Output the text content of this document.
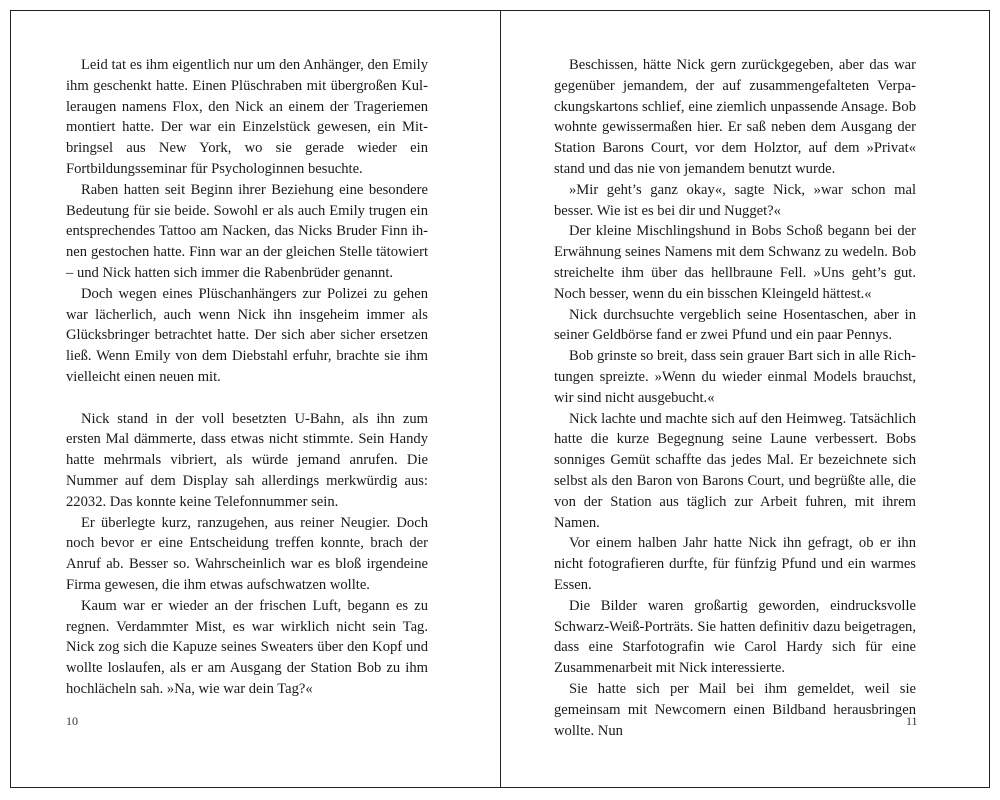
Leid tat es ihm eigentlich nur um den Anhänger, den Emily ihm geschenkt hatte. Einen Plüschraben mit übergroßen Kulleraugen namens Flox, den Nick an einem der Trageriemen montiert hatte. Der war ein Einzelstück gewesen, ein Mitbringsel aus New York, wo sie gerade wieder ein Fortbildungsseminar für Psychologinnen besuchte.

Raben hatten seit Beginn ihrer Beziehung eine besondere Bedeutung für sie beide. Sowohl er als auch Emily trugen ein entsprechendes Tattoo am Nacken, das Nicks Bruder Finn ihnen gestochen hatte. Finn war an der gleichen Stelle tätowiert – und Nick hatten sich immer die Rabenbrüder genannt.

Doch wegen eines Plüschanhängers zur Polizei zu gehen war lächerlich, auch wenn Nick ihn insgeheim immer als Glücksbringer betrachtet hatte. Der sich aber sicher ersetzen ließ. Wenn Emily von dem Diebstahl erfuhr, brachte sie ihm vielleicht einen neuen mit.

Nick stand in der voll besetzten U-Bahn, als ihn zum ersten Mal dämmerte, dass etwas nicht stimmte. Sein Handy hatte mehrmals vibriert, als würde jemand anrufen. Die Nummer auf dem Display sah allerdings merkwürdig aus: 22032. Das konnte keine Telefonnummer sein.

Er überlegte kurz, ranzugehen, aus reiner Neugier. Doch noch bevor er eine Entscheidung treffen konnte, brach der Anruf ab. Besser so. Wahrscheinlich war es bloß irgendeine Firma gewesen, die ihm etwas aufschwatzen wollte.

Kaum war er wieder an der frischen Luft, begann es zu regnen. Verdammter Mist, es war wirklich nicht sein Tag. Nick zog sich die Kapuze seines Sweaters über den Kopf und wollte loslaufen, als er am Ausgang der Station Bob zu ihm hochlächeln sah. »Na, wie war dein Tag?«

Beschissen, hätte Nick gern zurückgegeben, aber das war gegenüber jemandem, der auf zusammengefalteten Verpackungskartons schlief, eine ziemlich unpassende Ansage. Bob wohnte gewissermaßen hier. Er saß neben dem Ausgang der Station Barons Court, vor dem Holztor, auf dem »Privat« stand und das nie von jemandem benutzt wurde.

»Mir geht’s ganz okay«, sagte Nick, »war schon mal besser. Wie ist es bei dir und Nugget?«

Der kleine Mischlingshund in Bobs Schoß begann bei der Erwähnung seines Namens mit dem Schwanz zu wedeln. Bob streichelte ihm über das hellbraune Fell. »Uns geht’s gut. Noch besser, wenn du ein bisschen Kleingeld hättest.«

Nick durchsuchte vergeblich seine Hosentaschen, aber in seiner Geldbörse fand er zwei Pfund und ein paar Pennys.

Bob grinste so breit, dass sein grauer Bart sich in alle Richtungen spreizte. »Wenn du wieder einmal Models brauchst, wir sind nicht ausgebucht.«

Nick lachte und machte sich auf den Heimweg. Tatsächlich hatte die kurze Begegnung seine Laune verbessert. Bobs sonniges Gemüt schaffte das jedes Mal. Er bezeichnete sich selbst als den Baron von Barons Court, und begrüßte alle, die von der Station aus täglich zur Arbeit fuhren, mit ihrem Namen.

Vor einem halben Jahr hatte Nick ihn gefragt, ob er ihn nicht fotografieren durfte, für fünfzig Pfund und ein warmes Essen.

Die Bilder waren großartig geworden, eindrucksvolle Schwarz-Weiß-Porträts. Sie hatten definitiv dazu beigetragen, dass eine Starfotografin wie Carol Hardy sich für eine Zusammenarbeit mit Nick interessierte.

Sie hatte sich per Mail bei ihm gemeldet, weil sie gemeinsam mit Newcomern einen Bildband herausbringen wollte. Nun

10	11
